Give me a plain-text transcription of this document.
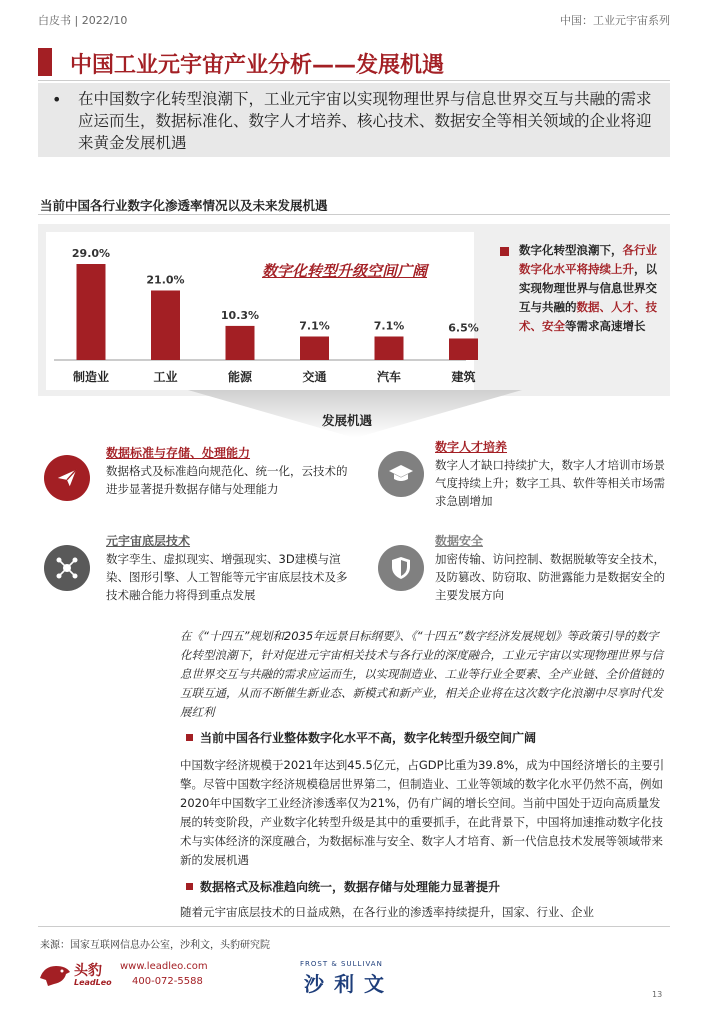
白皮书 | 2022/10	中国：工业元宇宙系列
中国工业元宇宙产业分析——发展机遇
• 在中国数字化转型浪潮下，工业元宇宙以实现物理世界与信息世界交互与共融的需求应运而生，数据标准化、数字人才培养、核心技术、数据安全等相关领域的企业将迎来黄金发展机遇
当前中国各行业数字化渗透率情况以及未来发展机遇
29.0%
制造业
21.0%
工业
10.3%
能源
7.1%
交通
7.1%
汽车
6.5%
建筑
数字化转型升级空间广阔
数字化转型浪潮下，各行业数字化水平将持续上升，以实现物理世界与信息世界交互与共融的数据、人才、技术、安全等需求高速增长
发展机遇
数据标准与存储、处理能力
数据格式及标准趋向规范化、统一化，云技术的进步显著提升数据存储与处理能力
数字人才培养
数字人才缺口持续扩大，数字人才培训市场景气度持续上升；数字工具、软件等相关市场需求急剧增加
元宇宙底层技术
数字孪生、虚拟现实、增强现实、3D建模与渲染、图形引擎、人工智能等元宇宙底层技术及多技术融合能力将得到重点发展
数据安全
加密传输、访问控制、数据脱敏等安全技术，及防篡改、防窃取、防泄露能力是数据安全的主要发展方向
在《“十四五”规划和2035年远景目标纲要》、《“十四五”数字经济发展规划》等政策引导的数字化转型浪潮下，针对促进元宇宙相关技术与各行业的深度融合，工业元宇宙以实现物理世界与信息世界交互与共融的需求应运而生，以实现制造业、工业等行业全要素、全产业链、全价值链的互联互通，从而不断催生新业态、新模式和新产业，相关企业将在这次数字化浪潮中尽享时代发展红利
当前中国各行业整体数字化水平不高，数字化转型升级空间广阔
中国数字经济规模于2021年达到45.5亿元，占GDP比重为39.8%，成为中国经济增长的主要引擎。尽管中国数字经济规模稳居世界第二，但制造业、工业等领域的数字化水平仍然不高，例如2020年中国数字工业经济渗透率仅为21%，仍有广阔的增长空间。当前中国处于迈向高质量发展的转变阶段，产业数字化转型升级是其中的重要抓手，在此背景下，中国将加速推动数字化技术与实体经济的深度融合，为数据标准与安全、数字人才培育、新一代信息技术发展等领域带来新的发展机遇
数据格式及标准趋向统一，数据存储与处理能力显著提升
随着元宇宙底层技术的日益成熟，在各行业的渗透率持续提升，国家、行业、企业
来源：国家互联网信息办公室，沙利文，头豹研究院
头豹
LeadLeo
www.leadleo.com
400-072-5588
FROST & SULLIVAN
沙利文	13
